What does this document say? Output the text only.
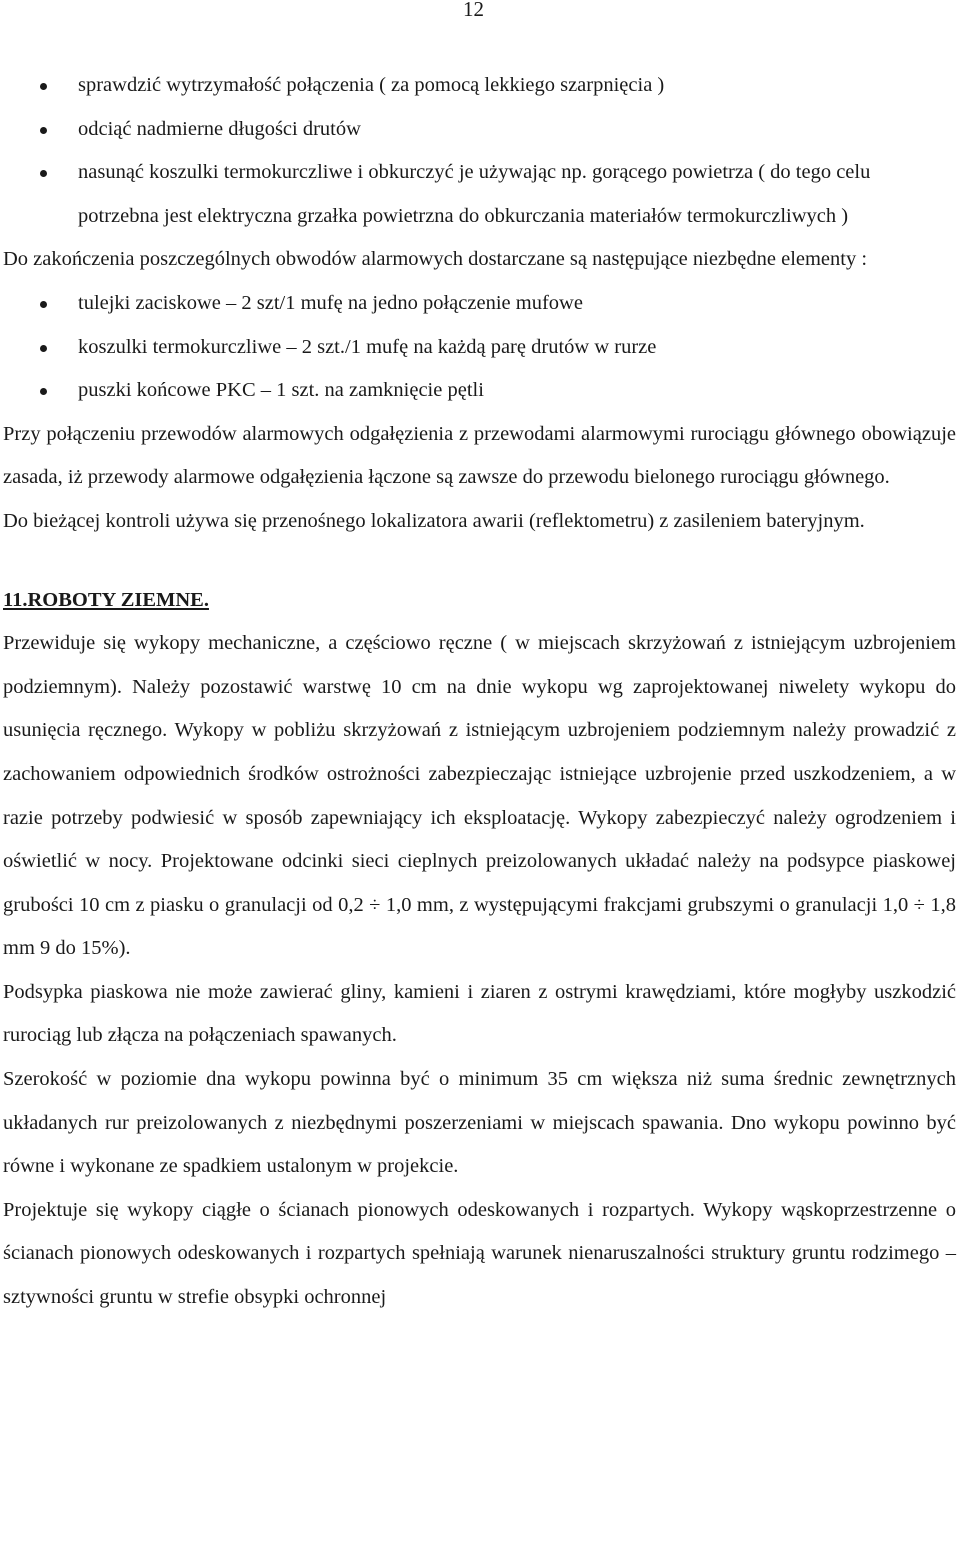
12
sprawdzić wytrzymałość połączenia ( za pomocą lekkiego szarpnięcia )
odciąć nadmierne długości drutów
nasunąć koszulki termokurczliwe i obkurczyć je używając np. gorącego powietrza ( do tego celu potrzebna jest elektryczna grzałka powietrzna do obkurczania materiałów termokurczliwych )

Do zakończenia poszczególnych obwodów alarmowych dostarczane są następujące niezbędne elementy :

tulejki zaciskowe – 2 szt/1 mufę na jedno połączenie mufowe
koszulki termokurczliwe – 2 szt./1 mufę na każdą parę drutów w rurze
puszki końcowe PKC – 1 szt. na zamknięcie pętli

Przy połączeniu przewodów alarmowych odgałęzienia z przewodami alarmowymi rurociągu głównego obowiązuje zasada, iż przewody alarmowe odgałęzienia łączone są zawsze do przewodu bielonego rurociągu głównego.

Do bieżącej kontroli używa się przenośnego lokalizatora awarii (reflektometru) z zasileniem bateryjnym.

11.ROBOTY ZIEMNE.

Przewiduje się wykopy mechaniczne, a częściowo ręczne ( w miejscach skrzyżowań z istniejącym uzbrojeniem podziemnym). Należy pozostawić warstwę 10 cm na dnie wykopu wg zaprojektowanej niwelety wykopu do usunięcia ręcznego. Wykopy w pobliżu skrzyżowań z istniejącym uzbrojeniem podziemnym należy prowadzić z zachowaniem odpowiednich środków ostrożności zabezpieczając istniejące uzbrojenie przed uszkodzeniem, a w razie potrzeby podwiesić w sposób zapewniający ich eksploatację. Wykopy zabezpieczyć należy ogrodzeniem i oświetlić w nocy. Projektowane odcinki sieci cieplnych preizolowanych układać należy na podsypce piaskowej grubości 10 cm z piasku o granulacji od 0,2 ÷ 1,0 mm, z występującymi frakcjami grubszymi o granulacji 1,0 ÷ 1,8 mm 9 do 15%).

Podsypka piaskowa nie może zawierać gliny, kamieni i ziaren z ostrymi krawędziami, które mogłyby uszkodzić rurociąg lub złącza na połączeniach spawanych.

Szerokość w poziomie dna wykopu powinna być o minimum 35 cm większa niż suma średnic zewnętrznych układanych rur preizolowanych z niezbędnymi poszerzeniami w miejscach spawania. Dno wykopu powinno być równe i wykonane ze spadkiem ustalonym w projekcie.

Projektuje się wykopy ciągłe o ścianach pionowych odeskowanych i rozpartych. Wykopy wąskoprzestrzenne o ścianach pionowych odeskowanych i rozpartych spełniają warunek nienaruszalności struktury gruntu rodzimego – sztywności gruntu w strefie obsypki ochronnej
